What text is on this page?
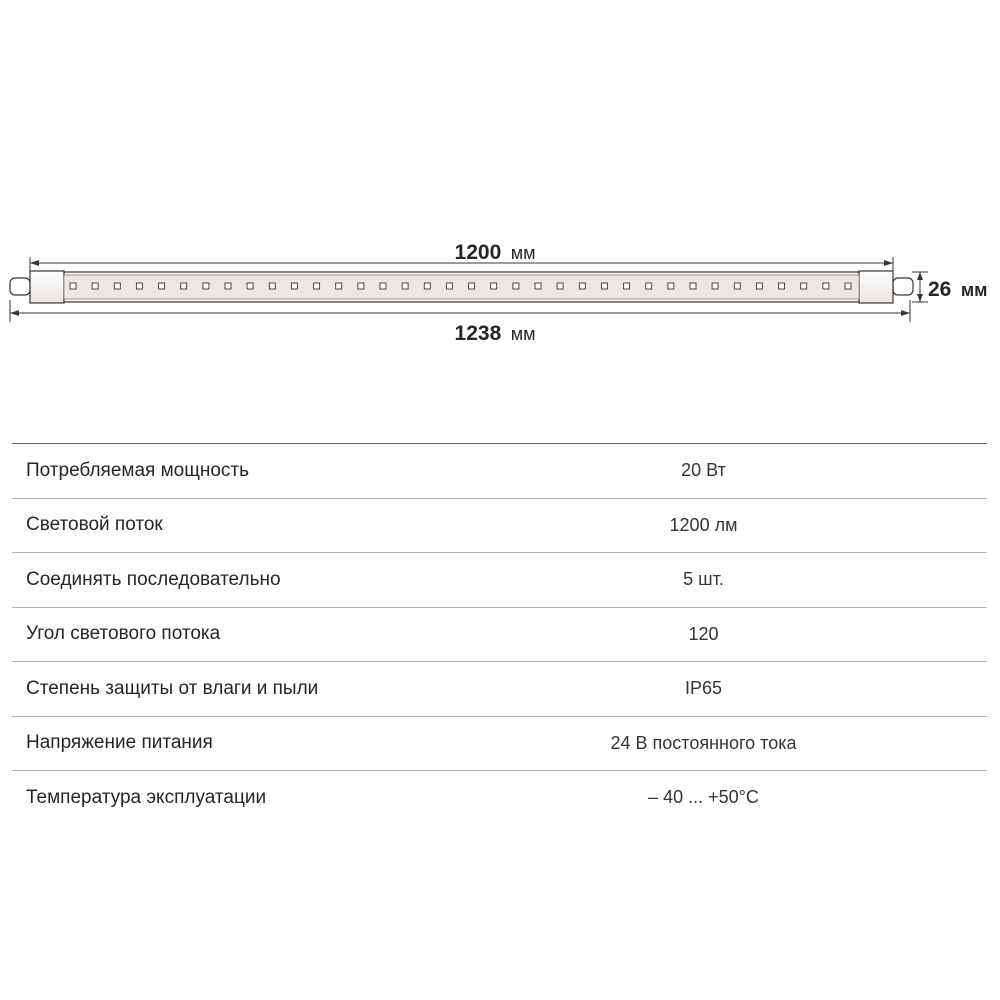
1200 мм
26 мм
1238 мм
Потребляемая мощность	20 Вт
Световой поток	1200 лм
Соединять последовательно	5 шт.
Угол светового потока	120
Степень защиты от влаги и пыли	IP65
Напряжение питания	24 В постоянного тока
Температура эксплуатации	– 40 ... +50°C
